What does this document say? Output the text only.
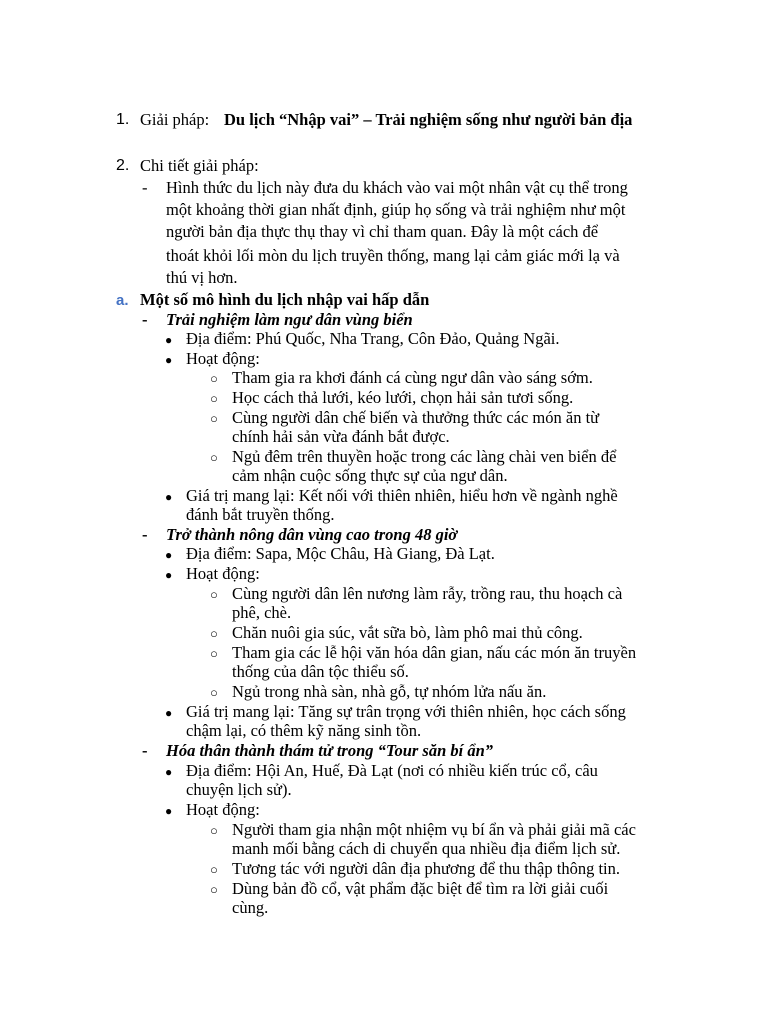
1. Giải pháp: Du lịch “Nhập vai” – Trải nghiệm sống như người bản địa
2. Chi tiết giải pháp:
- Hình thức du lịch này đưa du khách vào vai một nhân vật cụ thể trong
một khoảng thời gian nhất định, giúp họ sống và trải nghiệm như một
người bản địa thực thụ thay vì chỉ tham quan. Đây là một cách để
thoát khỏi lối mòn du lịch truyền thống, mang lại cảm giác mới lạ và
thú vị hơn.
a. Một số mô hình du lịch nhập vai hấp dẫn
- Trải nghiệm làm ngư dân vùng biển
● Địa điểm: Phú Quốc, Nha Trang, Côn Đảo, Quảng Ngãi.
● Hoạt động:
○ Tham gia ra khơi đánh cá cùng ngư dân vào sáng sớm.
○ Học cách thả lưới, kéo lưới, chọn hải sản tươi sống.
○ Cùng người dân chế biến và thưởng thức các món ăn từ
chính hải sản vừa đánh bắt được.
○ Ngủ đêm trên thuyền hoặc trong các làng chài ven biển để
cảm nhận cuộc sống thực sự của ngư dân.
● Giá trị mang lại: Kết nối với thiên nhiên, hiểu hơn về ngành nghề
đánh bắt truyền thống.
- Trở thành nông dân vùng cao trong 48 giờ
● Địa điểm: Sapa, Mộc Châu, Hà Giang, Đà Lạt.
● Hoạt động:
○ Cùng người dân lên nương làm rẫy, trồng rau, thu hoạch cà
phê, chè.
○ Chăn nuôi gia súc, vắt sữa bò, làm phô mai thủ công.
○ Tham gia các lễ hội văn hóa dân gian, nấu các món ăn truyền
thống của dân tộc thiểu số.
○ Ngủ trong nhà sàn, nhà gỗ, tự nhóm lửa nấu ăn.
● Giá trị mang lại: Tăng sự trân trọng với thiên nhiên, học cách sống
chậm lại, có thêm kỹ năng sinh tồn.
- Hóa thân thành thám tử trong “Tour săn bí ẩn”
● Địa điểm: Hội An, Huế, Đà Lạt (nơi có nhiều kiến trúc cổ, câu
chuyện lịch sử).
● Hoạt động:
○ Người tham gia nhận một nhiệm vụ bí ẩn và phải giải mã các
manh mối bằng cách di chuyển qua nhiều địa điểm lịch sử.
○ Tương tác với người dân địa phương để thu thập thông tin.
○ Dùng bản đồ cổ, vật phẩm đặc biệt để tìm ra lời giải cuối
cùng.
